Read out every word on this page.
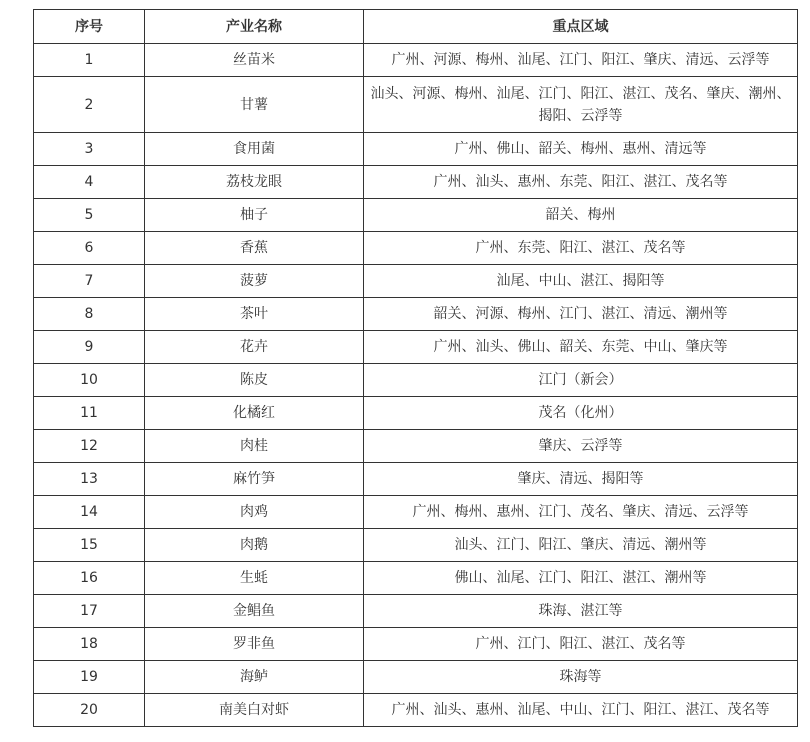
序号	产业名称	重点区域
1	丝苗米	广州、河源、梅州、汕尾、江门、阳江、肇庆、清远、云浮等
2	甘薯	汕头、河源、梅州、汕尾、江门、阳江、湛江、茂名、肇庆、潮州、揭阳、云浮等
3	食用菌	广州、佛山、韶关、梅州、惠州、清远等
4	荔枝龙眼	广州、汕头、惠州、东莞、阳江、湛江、茂名等
5	柚子	韶关、梅州
6	香蕉	广州、东莞、阳江、湛江、茂名等
7	菠萝	汕尾、中山、湛江、揭阳等
8	茶叶	韶关、河源、梅州、江门、湛江、清远、潮州等
9	花卉	广州、汕头、佛山、韶关、东莞、中山、肇庆等
10	陈皮	江门（新会）
11	化橘红	茂名（化州）
12	肉桂	肇庆、云浮等
13	麻竹笋	肇庆、清远、揭阳等
14	肉鸡	广州、梅州、惠州、江门、茂名、肇庆、清远、云浮等
15	肉鹅	汕头、江门、阳江、肇庆、清远、潮州等
16	生蚝	佛山、汕尾、江门、阳江、湛江、潮州等
17	金鲳鱼	珠海、湛江等
18	罗非鱼	广州、江门、阳江、湛江、茂名等
19	海鲈	珠海等
20	南美白对虾	广州、汕头、惠州、汕尾、中山、江门、阳江、湛江、茂名等
